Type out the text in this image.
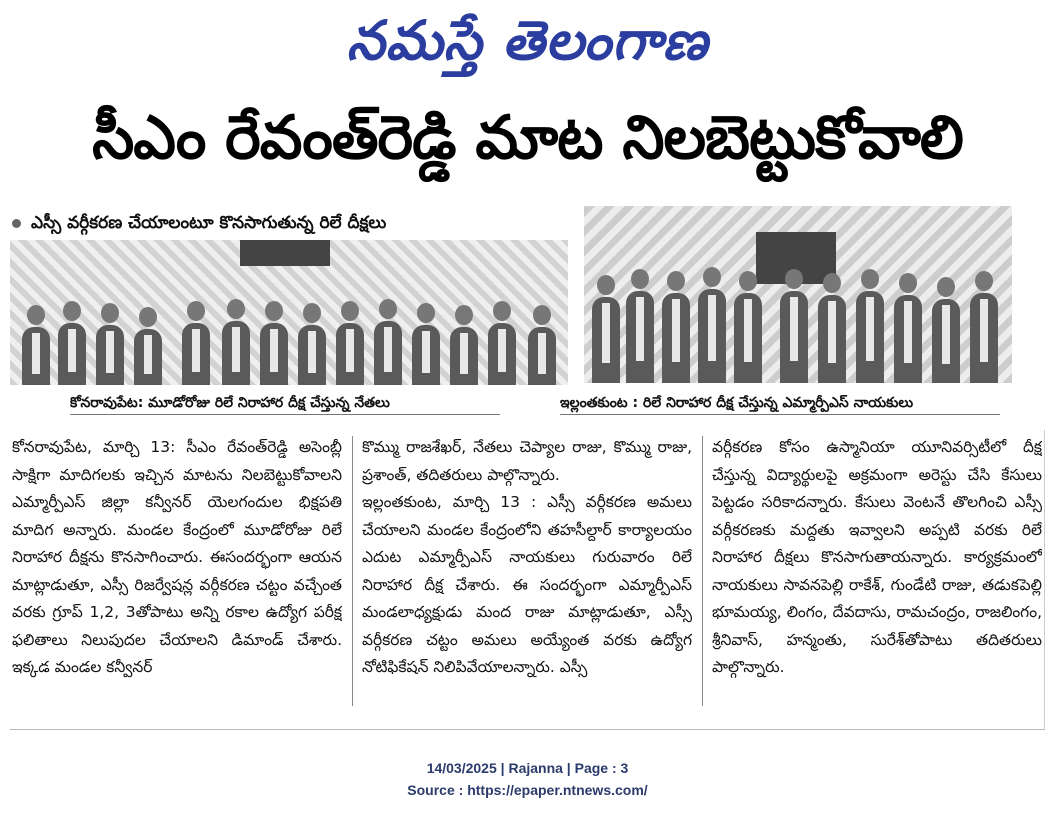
నమస్తే తెలంగాణ
సీఎం రేవంత్‌రెడ్డి మాట నిలబెట్టుకోవాలి
ఎస్సీ వర్గీకరణ చేయాలంటూ కొనసాగుతున్న రిలే దీక్షలు
కోనరావుపేట: మూడోరోజు రిలే నిరాహార దీక్ష చేస్తున్న నేతలు	ఇల్లంతకుంట : రిలే నిరాహార దీక్ష చేస్తున్న ఎమ్మార్పీఎస్ నాయకులు

కోనరావుపేట, మార్చి 13: సీఎం రేవంత్‌రెడ్డి అసెంబ్లీ సాక్షిగా మాదిగలకు ఇచ్చిన మాటను నిలబెట్టుకోవాలని ఎమ్మార్పీఎస్ జిల్లా కన్వీనర్ యెలగందుల భిక్షపతి మాదిగ అన్నారు. మండల కేంద్రంలో మూడోరోజు రిలే నిరాహార దీక్షను కొనసాగించారు. ఈసందర్భంగా ఆయన మాట్లాడుతూ, ఎస్సీ రిజర్వేషన్ల వర్గీకరణ చట్టం వచ్చేంత వరకు గ్రూప్ 1,2, 3తోపాటు అన్ని రకాల ఉద్యోగ పరీక్ష ఫలితాలు నిలుపుదల చేయాలని డిమాండ్ చేశారు. ఇక్కడ మండల కన్వీనర్

కొమ్ము రాజశేఖర్, నేతలు చెప్యాల రాజు, కొమ్ము రాజు, ప్రశాంత్, తదితరులు పాల్గొన్నారు.

ఇల్లంతకుంట, మార్చి 13 : ఎస్సీ వర్గీకరణ అమలు చేయాలని మండల కేంద్రంలోని తహసీల్దార్ కార్యాలయం ఎదుట ఎమ్మార్పీఎస్ నాయకులు గురువారం రిలే నిరాహార దీక్ష చేశారు. ఈ సందర్భంగా ఎమ్మార్పీఎస్ మండలాధ్యక్షుడు మంద రాజు మాట్లాడుతూ, ఎస్సీ వర్గీకరణ చట్టం అమలు అయ్యేంత వరకు ఉద్యోగ నోటిఫికేషన్ నిలిపివేయాలన్నారు. ఎస్సీ

వర్గీకరణ కోసం ఉస్మానియా యూనివర్సిటీలో దీక్ష చేస్తున్న విద్యార్థులపై అక్రమంగా అరెస్టు చేసి కేసులు పెట్టడం సరికాదన్నారు. కేసులు వెంటనే తొలగించి ఎస్సీ వర్గీకరణకు మద్దతు ఇవ్వాలని అప్పటి వరకు రిలే నిరాహార దీక్షలు కొనసాగుతాయన్నారు. కార్యక్రమంలో నాయకులు సావనపెల్లి రాకేశ్, గుండేటి రాజు, తడుకపెల్లి భూమయ్య, లింగం, దేవదాసు, రామచంద్రం, రాజలింగం, శ్రీనివాస్, హన్మంతు, సురేశ్‌తోపాటు తదితరులు పాల్గొన్నారు.

14/03/2025 | Rajanna | Page : 3
Source : https://epaper.ntnews.com/
